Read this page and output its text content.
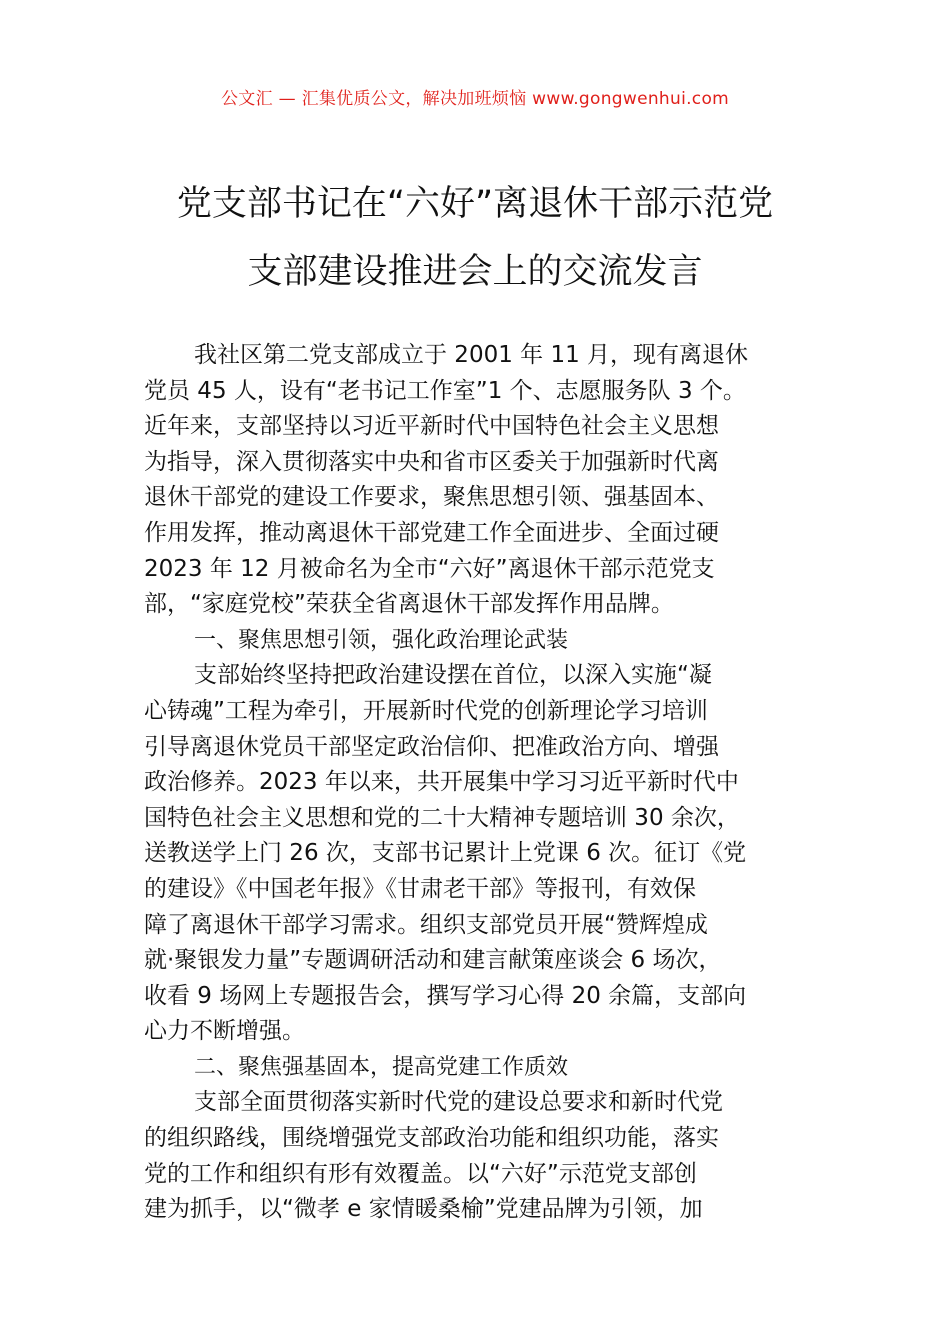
公文汇 — 汇集优质公文，解决加班烦恼 www.gongwenhui.com
党支部书记在“六好”离退休干部示范党
支部建设推进会上的交流发言
我社区第二党支部成立于 2001 年 11 月，现有离退休
党员 45 人，设有“老书记工作室”1 个、志愿服务队 3 个。
近年来，支部坚持以习近平新时代中国特色社会主义思想
为指导，深入贯彻落实中央和省市区委关于加强新时代离
退休干部党的建设工作要求，聚焦思想引领、强基固本、
作用发挥，推动离退休干部党建工作全面进步、全面过硬
2023 年 12 月被命名为全市“六好”离退休干部示范党支
部，“家庭党校”荣获全省离退休干部发挥作用品牌。
一、聚焦思想引领，强化政治理论武装
支部始终坚持把政治建设摆在首位，以深入实施“凝
心铸魂”工程为牵引，开展新时代党的创新理论学习培训
引导离退休党员干部坚定政治信仰、把准政治方向、增强
政治修养。2023 年以来，共开展集中学习习近平新时代中
国特色社会主义思想和党的二十大精神专题培训 30 余次，
送教送学上门 26 次，支部书记累计上党课 6 次。征订《党
的建设》《中国老年报》《甘肃老干部》等报刊，有效保
障了离退休干部学习需求。组织支部党员开展“赞辉煌成
就·聚银发力量”专题调研活动和建言献策座谈会 6 场次，
收看 9 场网上专题报告会，撰写学习心得 20 余篇，支部向
心力不断增强。
二、聚焦强基固本，提高党建工作质效
支部全面贯彻落实新时代党的建设总要求和新时代党
的组织路线，围绕增强党支部政治功能和组织功能，落实
党的工作和组织有形有效覆盖。以“六好”示范党支部创
建为抓手，以“微孝 e 家情暖桑榆”党建品牌为引领，加
